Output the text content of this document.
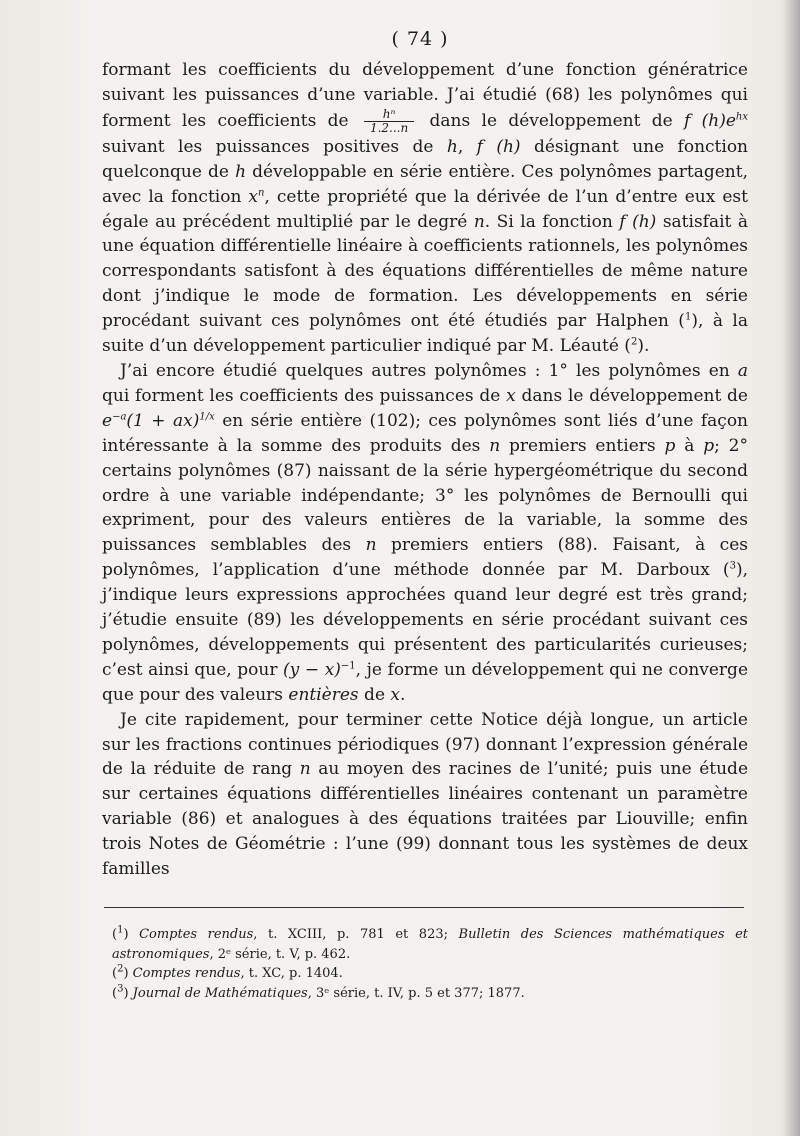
( 74 )

formant les coefficients du développement d’une fonction génératrice suivant les puissances d’une variable. J’ai étudié (68) les polynômes qui forment les coefficients de $\frac{\text{hⁿ}}{1.2...n}$ dans le développement de f $(h)e^{hx}$ suivant les puissances positives de h, f (h) désignant une fonction quelconque de h développable en série entière. Ces polynômes partagent, avec la fonction $x^n$, cette propriété que la dérivée de l’un d’entre eux est égale au précédent multiplié par le degré n. Si la fonction f (h) satisfait à une équation différentielle linéaire à coefficients rationnels, les polynômes correspondants satisfont à des équations différentielles de même nature dont j’indique le mode de formation. Les développements en série procédant suivant ces polynômes ont été étudiés par Halphen ($^1$), à la suite d’un développement particulier indiqué par M. Léauté ($^2$).

J’ai encore étudié quelques autres polynômes : 1° les polynômes en a qui forment les coefficients des puissances de x dans le développement de $e^{-a}(1 + ax)^{1/x}$ en série entière (102); ces polynômes sont liés d’une façon intéressante à la somme des produits des n premiers entiers p à p; 2° certains polynômes (87) naissant de la série hypergéométrique du second ordre à une variable indépendante; 3° les polynômes de Bernoulli qui expriment, pour des valeurs entières de la variable, la somme des puissances semblables des n premiers entiers (88). Faisant, à ces polynômes, l’application d’une méthode donnée par M. Darboux ($^3$), j’indique leurs expressions approchées quand leur degré est très grand; j’étudie ensuite (89) les développements en série procédant suivant ces polynômes, développements qui présentent des particularités curieuses; c’est ainsi que, pour $(y - x)^{-1}$, je forme un développement qui ne converge que pour des valeurs entières de x.

Je cite rapidement, pour terminer cette Notice déjà longue, un article sur les fractions continues périodiques (97) donnant l’expression générale de la réduite de rang n au moyen des racines de l’unité; puis une étude sur certaines équations différentielles linéaires contenant un paramètre variable (86) et analogues à des équations traitées par Liouville; enfin trois Notes de Géométrie : l’une (99) donnant tous les systèmes de deux familles

($^1$) Comptes rendus, t. XCIII, p. 781 et 823; Bulletin des Sciences mathématiques et astronomiques, 2ᵉ série, t. V, p. 462.

($^2$) Comptes rendus, t. XC, p. 1404.

($^3$) Journal de Mathématiques, 3ᵉ série, t. IV, p. 5 et 377; 1877.
